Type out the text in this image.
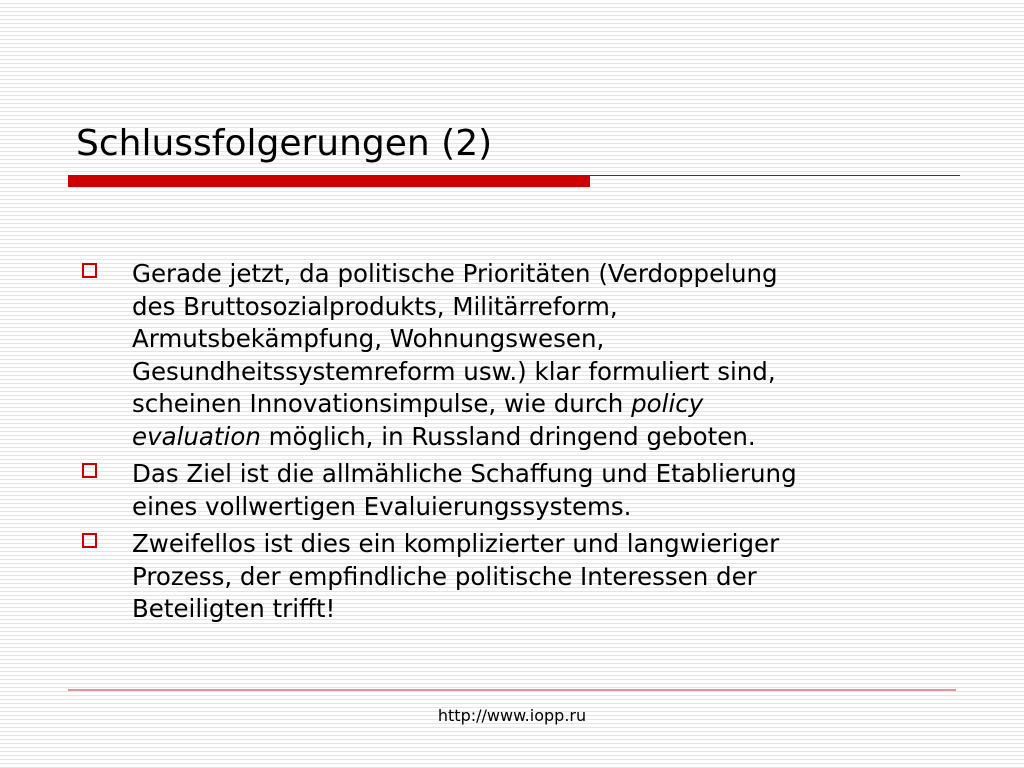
Schlussfolgerungen (2)
Gerade jetzt, da politische Prioritäten (Verdoppelung
des Bruttosozialprodukts, Militärreform,
Armutsbekämpfung, Wohnungswesen,
Gesundheitssystemreform usw.) klar formuliert sind,
scheinen Innovationsimpulse, wie durch policy
evaluation möglich, in Russland dringend geboten.
Das Ziel ist die allmähliche Schaffung und Etablierung
eines vollwertigen Evaluierungssystems.
Zweifellos ist dies ein komplizierter und langwieriger
Prozess, der empfindliche politische Interessen der
Beteiligten trifft!
http://www.iopp.ru
